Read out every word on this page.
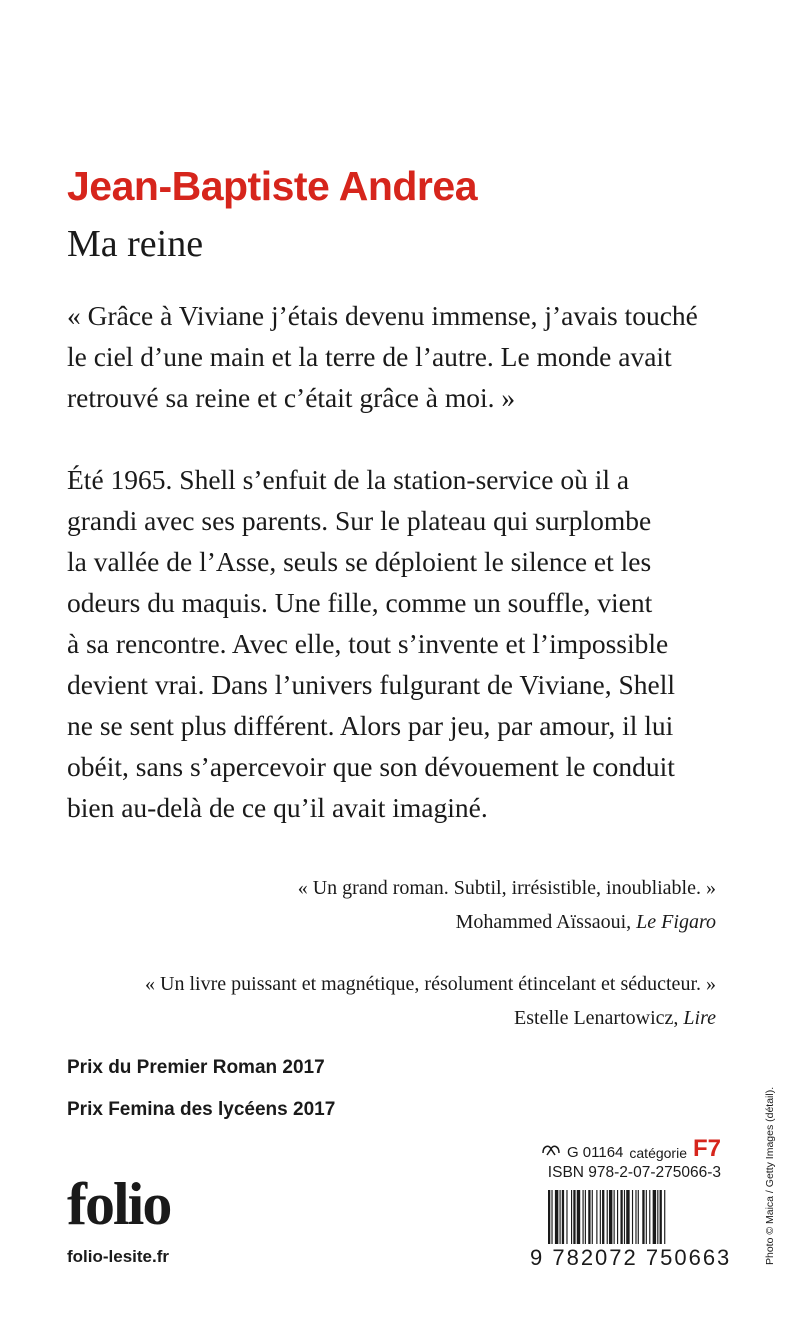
Jean-Baptiste Andrea
Ma reine
« Grâce à Viviane j’étais devenu immense, j’avais touché
le ciel d’une main et la terre de l’autre. Le monde avait
retrouvé sa reine et c’était grâce à moi. »
Été 1965. Shell s’enfuit de la station-service où il a
grandi avec ses parents. Sur le plateau qui surplombe
la vallée de l’Asse, seuls se déploient le silence et les
odeurs du maquis. Une fille, comme un souffle, vient
à sa rencontre. Avec elle, tout s’invente et l’impossible
devient vrai. Dans l’univers fulgurant de Viviane, Shell
ne se sent plus différent. Alors par jeu, par amour, il lui
obéit, sans s’apercevoir que son dévouement le conduit
bien au-delà de ce qu’il avait imaginé.
« Un grand roman. Subtil, irrésistible, inoubliable. »
Mohammed Aïssaoui, Le Figaro
« Un livre puissant et magnétique, résolument étincelant et séducteur. »
Estelle Lenartowicz, Lire
Prix du Premier Roman 2017
Prix Femina des lycéens 2017
folio
folio-lesite.fr
G 01164 catégorie F7
ISBN 978-2-07-275066-3
9 782072 750663	Photo © Maica / Getty Images (détail).
